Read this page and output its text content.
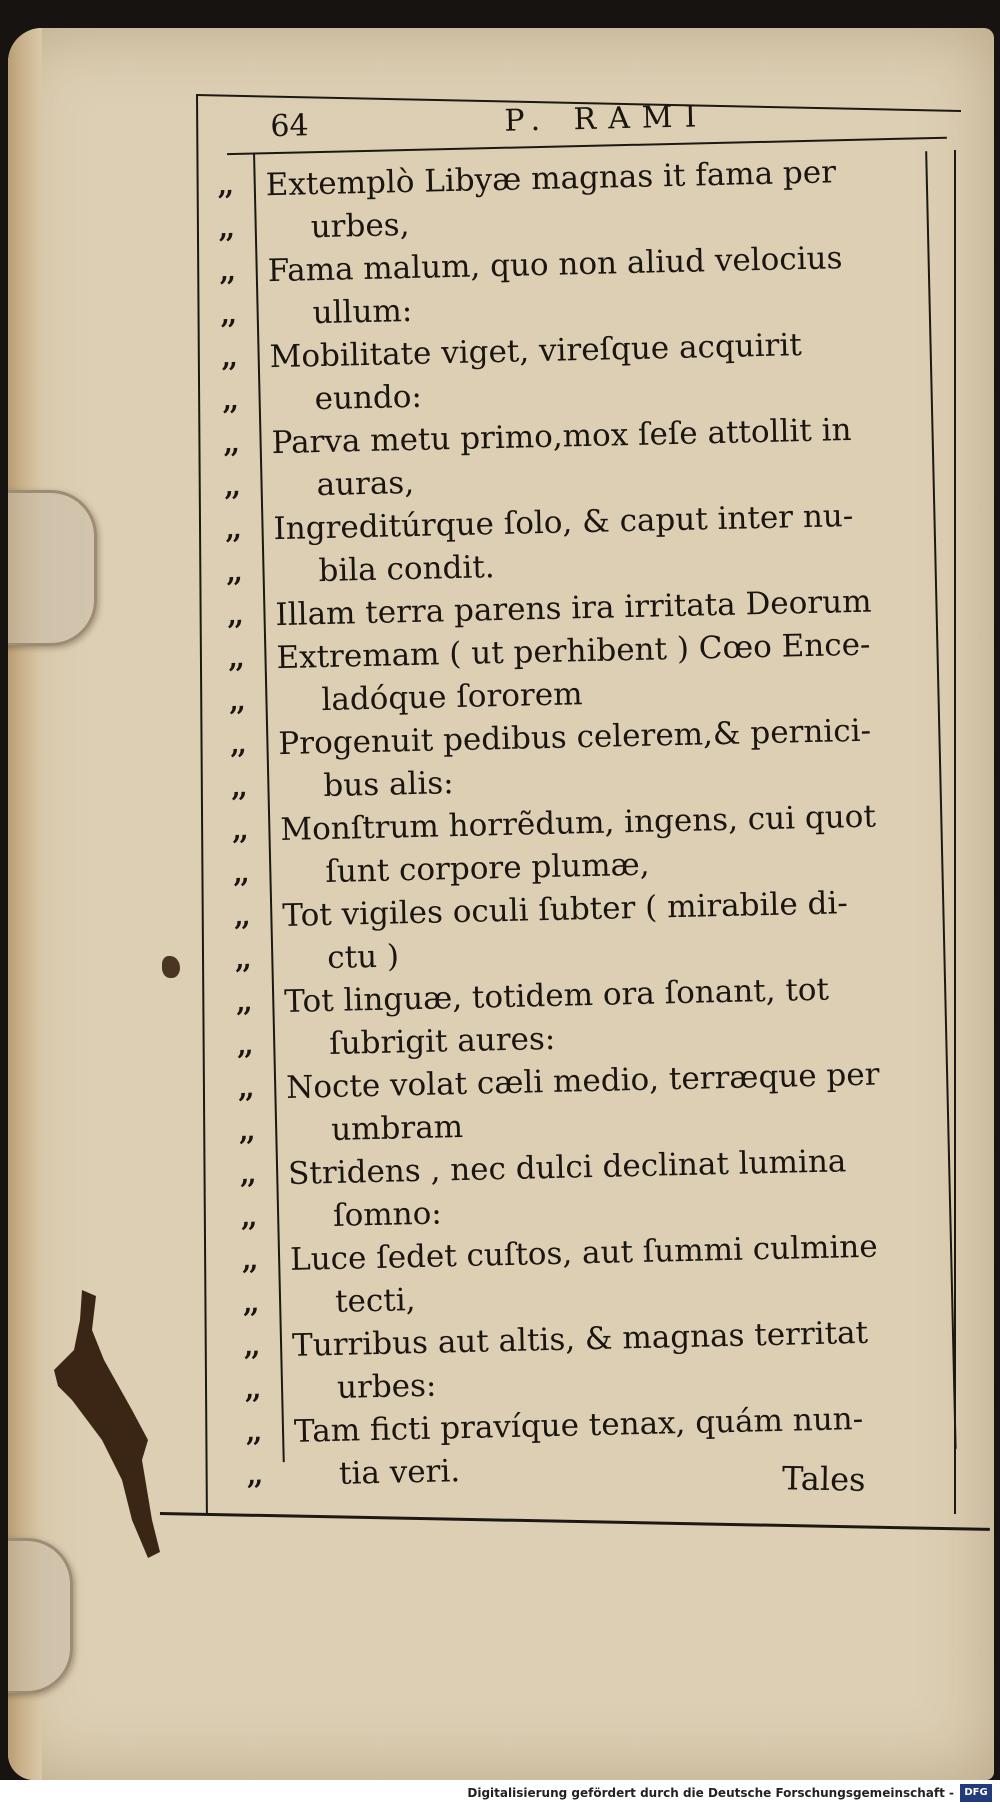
64	P. RAMI
,,	Extemplò Libyæ magnas it fama per
,,	urbes,
,,	Fama malum, quo non aliud velocius
,,	ullum:
,,	Mobilitate viget, vireſque acquirit
,,	eundo:
,,	Parva metu primo,mox ſeſe attollit in
,,	auras,
,,	Ingreditúrque ſolo, & caput inter nu-
,,	bila condit.
,,	Illam terra parens ira irritata Deorum
,,	Extremam ( ut perhibent ) Cœo Ence-
,,	ladóque ſororem
,,	Progenuit pedibus celerem,& pernici-
,,	bus alis:
,,	Monſtrum horrẽdum, ingens, cui quot
,,	ſunt corpore plumæ,
,,	Tot vigiles oculi ſubter ( mirabile di-
,,	ctu )
,,	Tot linguæ, totidem ora ſonant, tot
,,	ſubrigit aures:
,,	Nocte volat cæli medio, terræque per
,,	umbram
,,	Stridens , nec dulci declinat lumina
,,	ſomno:
,,	Luce ſedet cuſtos, aut ſummi culmine
,,	tecti,
,,	Turribus aut altis, & magnas territat
,,	urbes:
,,	Tam ficti pravíque tenax, quám nun-
,,	tia veri.	Tales
Digitalisierung gefördert durch die Deutsche Forschungsgemeinschaft -	DFG
